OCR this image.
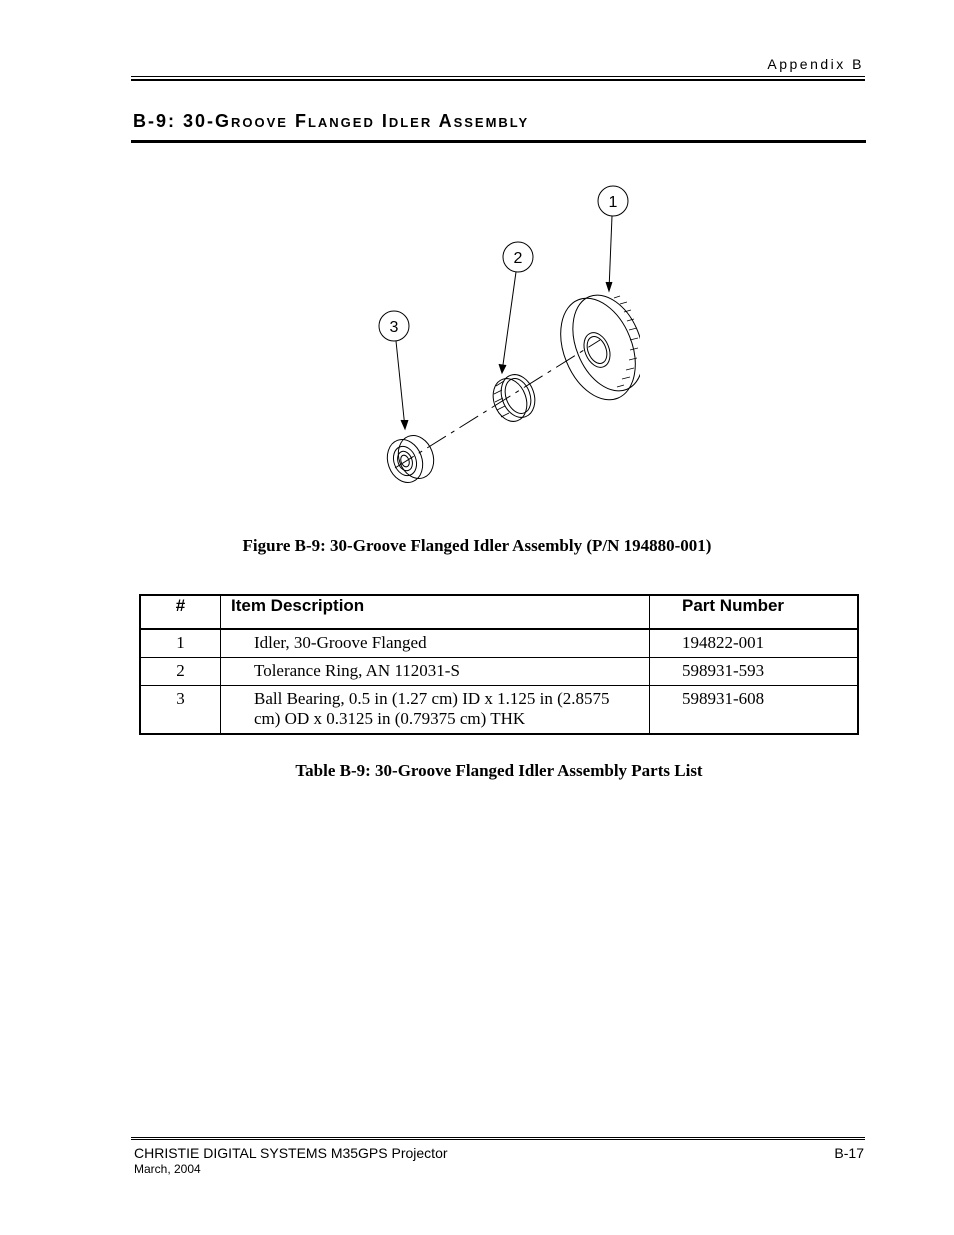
Appendix B
B-9: 30-Groove Flanged Idler Assembly
1
2
3
Figure B-9: 30-Groove Flanged Idler Assembly (P/N 194880-001)
#	Item Description	Part Number
1	Idler, 30-Groove Flanged	194822-001
2	Tolerance Ring, AN 112031-S	598931-593
3	Ball Bearing, 0.5 in (1.27 cm) ID x 1.125 in (2.8575 cm) OD x 0.3125 in (0.79375 cm) THK	598931-608
Table B-9: 30-Groove Flanged Idler Assembly Parts List
CHRISTIE DIGITAL SYSTEMS M35GPS Projector
March, 2004
B-17
